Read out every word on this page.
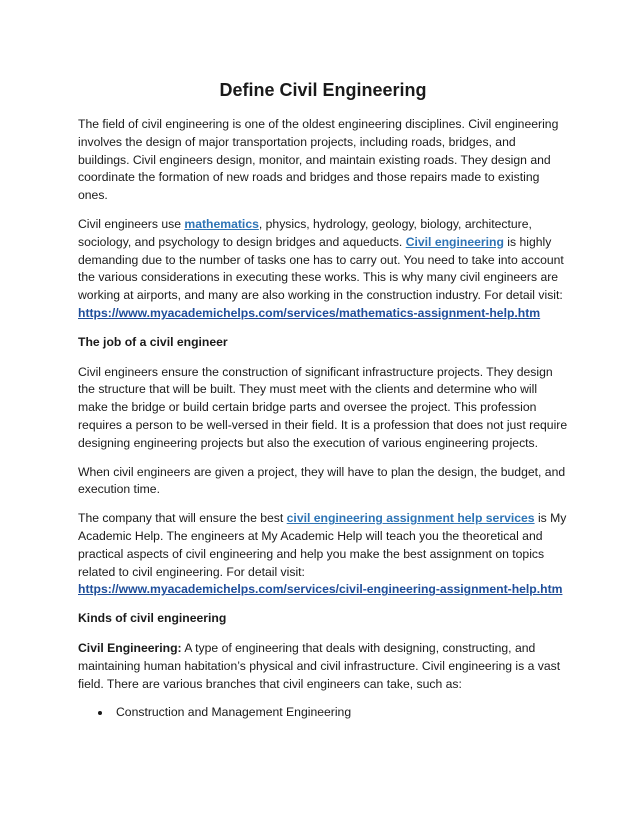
Define Civil Engineering

The field of civil engineering is one of the oldest engineering disciplines. Civil engineering involves the design of major transportation projects, including roads, bridges, and buildings. Civil engineers design, monitor, and maintain existing roads. They design and coordinate the formation of new roads and bridges and those repairs made to existing ones.

Civil engineers use mathematics, physics, hydrology, geology, biology, architecture, sociology, and psychology to design bridges and aqueducts. Civil engineering is highly demanding due to the number of tasks one has to carry out. You need to take into account the various considerations in executing these works. This is why many civil engineers are working at airports, and many are also working in the construction industry. For detail visit: https://www.myacademichelps.com/services/mathematics-assignment-help.htm

The job of a civil engineer

Civil engineers ensure the construction of significant infrastructure projects. They design the structure that will be built. They must meet with the clients and determine who will make the bridge or build certain bridge parts and oversee the project. This profession requires a person to be well-versed in their field. It is a profession that does not just require designing engineering projects but also the execution of various engineering projects.

When civil engineers are given a project, they will have to plan the design, the budget, and execution time.

The company that will ensure the best civil engineering assignment help services is My Academic Help. The engineers at My Academic Help will teach you the theoretical and practical aspects of civil engineering and help you make the best assignment on topics related to civil engineering. For detail visit: https://www.myacademichelps.com/services/civil-engineering-assignment-help.htm

Kinds of civil engineering

Civil Engineering: A type of engineering that deals with designing, constructing, and maintaining human habitation’s physical and civil infrastructure. Civil engineering is a vast field. There are various branches that civil engineers can take, such as:

• Construction and Management Engineering
